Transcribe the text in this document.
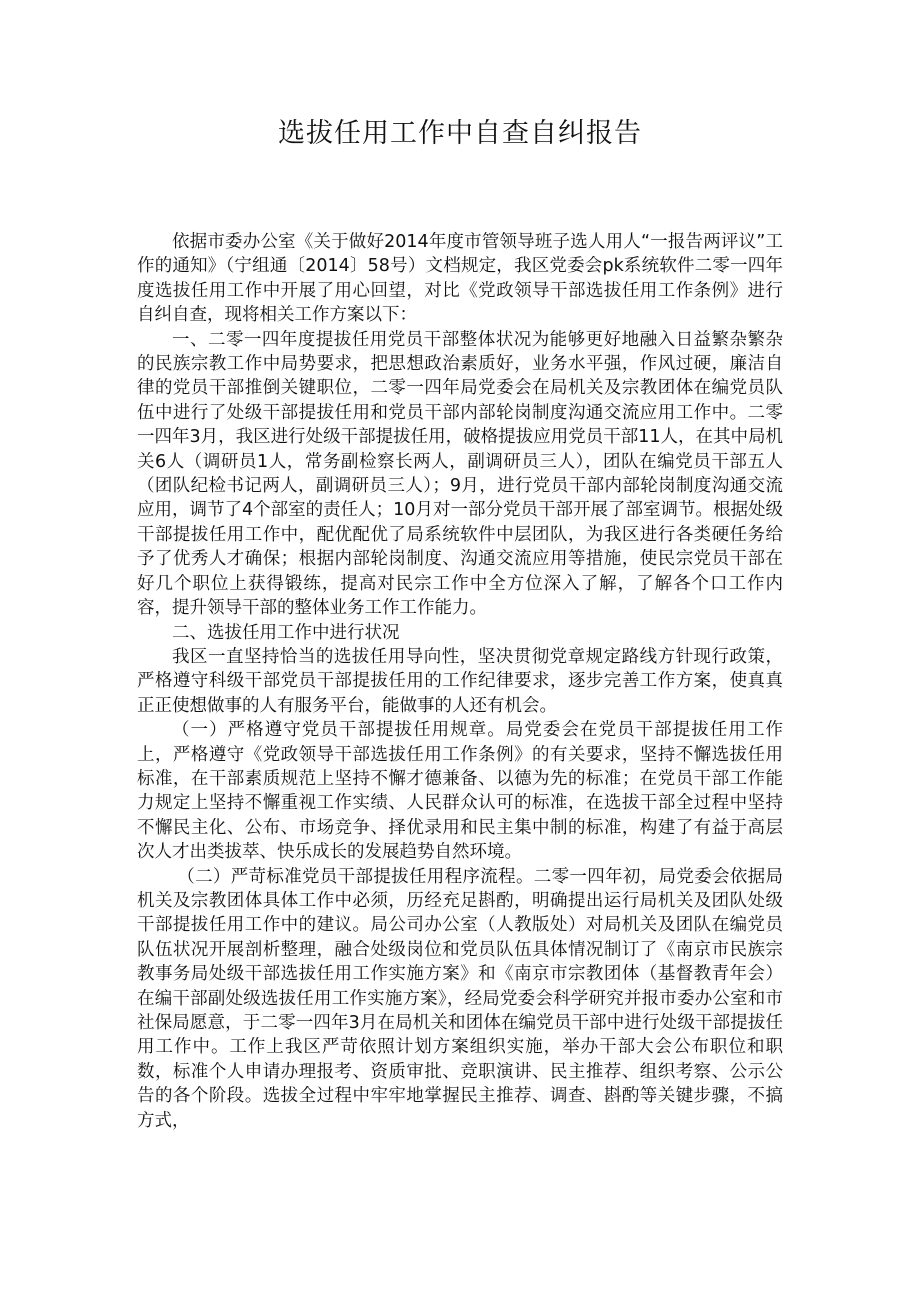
选拔任用工作中自查自纠报告

依据市委办公室《关于做好2014年度市管领导班子选人用人“一报告两评议”工作的通知》（宁组通〔2014〕58号）文档规定，我区党委会pk系统软件二零一四年度选拔任用工作中开展了用心回望，对比《党政领导干部选拔任用工作条例》进行自纠自查，现将相关工作方案以下：

一、二零一四年度提拔任用党员干部整体状况为能够更好地融入日益繁杂繁杂的民族宗教工作中局势要求，把思想政治素质好，业务水平强，作风过硬，廉洁自律的党员干部推倒关键职位，二零一四年局党委会在局机关及宗教团体在编党员队伍中进行了处级干部提拔任用和党员干部内部轮岗制度沟通交流应用工作中。二零一四年3月，我区进行处级干部提拔任用，破格提拔应用党员干部11人，在其中局机关6人（调研员1人，常务副检察长两人，副调研员三人），团队在编党员干部五人（团队纪检书记两人，副调研员三人）；9月，进行党员干部内部轮岗制度沟通交流应用，调节了4个部室的责任人；10月对一部分党员干部开展了部室调节。根据处级干部提拔任用工作中，配优配优了局系统软件中层团队，为我区进行各类硬任务给予了优秀人才确保；根据内部轮岗制度、沟通交流应用等措施，使民宗党员干部在好几个职位上获得锻练，提高对民宗工作中全方位深入了解，了解各个口工作内容，提升领导干部的整体业务工作工作能力。

二、选拔任用工作中进行状况

我区一直坚持恰当的选拔任用导向性，坚决贯彻党章规定路线方针现行政策，严格遵守科级干部党员干部提拔任用的工作纪律要求，逐步完善工作方案，使真真正正使想做事的人有服务平台，能做事的人还有机会。

（一）严格遵守党员干部提拔任用规章。局党委会在党员干部提拔任用工作上，严格遵守《党政领导干部选拔任用工作条例》的有关要求，坚持不懈选拔任用标准，在干部素质规范上坚持不懈才德兼备、以德为先的标准；在党员干部工作能力规定上坚持不懈重视工作实绩、人民群众认可的标准，在选拔干部全过程中坚持不懈民主化、公布、市场竞争、择优录用和民主集中制的标准，构建了有益于高层次人才出类拔萃、快乐成长的发展趋势自然环境。

（二）严苛标准党员干部提拔任用程序流程。二零一四年初，局党委会依据局机关及宗教团体具体工作中必须，历经充足斟酌，明确提出运行局机关及团队处级干部提拔任用工作中的建议。局公司办公室（人教版处）对局机关及团队在编党员队伍状况开展剖析整理，融合处级岗位和党员队伍具体情况制订了《南京市民族宗教事务局处级干部选拔任用工作实施方案》和《南京市宗教团体（基督教青年会）在编干部副处级选拔任用工作实施方案》，经局党委会科学研究并报市委办公室和市社保局愿意，于二零一四年3月在局机关和团体在编党员干部中进行处级干部提拔任用工作中。工作上我区严苛依照计划方案组织实施，举办干部大会公布职位和职数，标准个人申请办理报考、资质审批、竞职演讲、民主推荐、组织考察、公示公告的各个阶段。选拔全过程中牢牢地掌握民主推荐、调查、斟酌等关键步骤，不搞方式，
